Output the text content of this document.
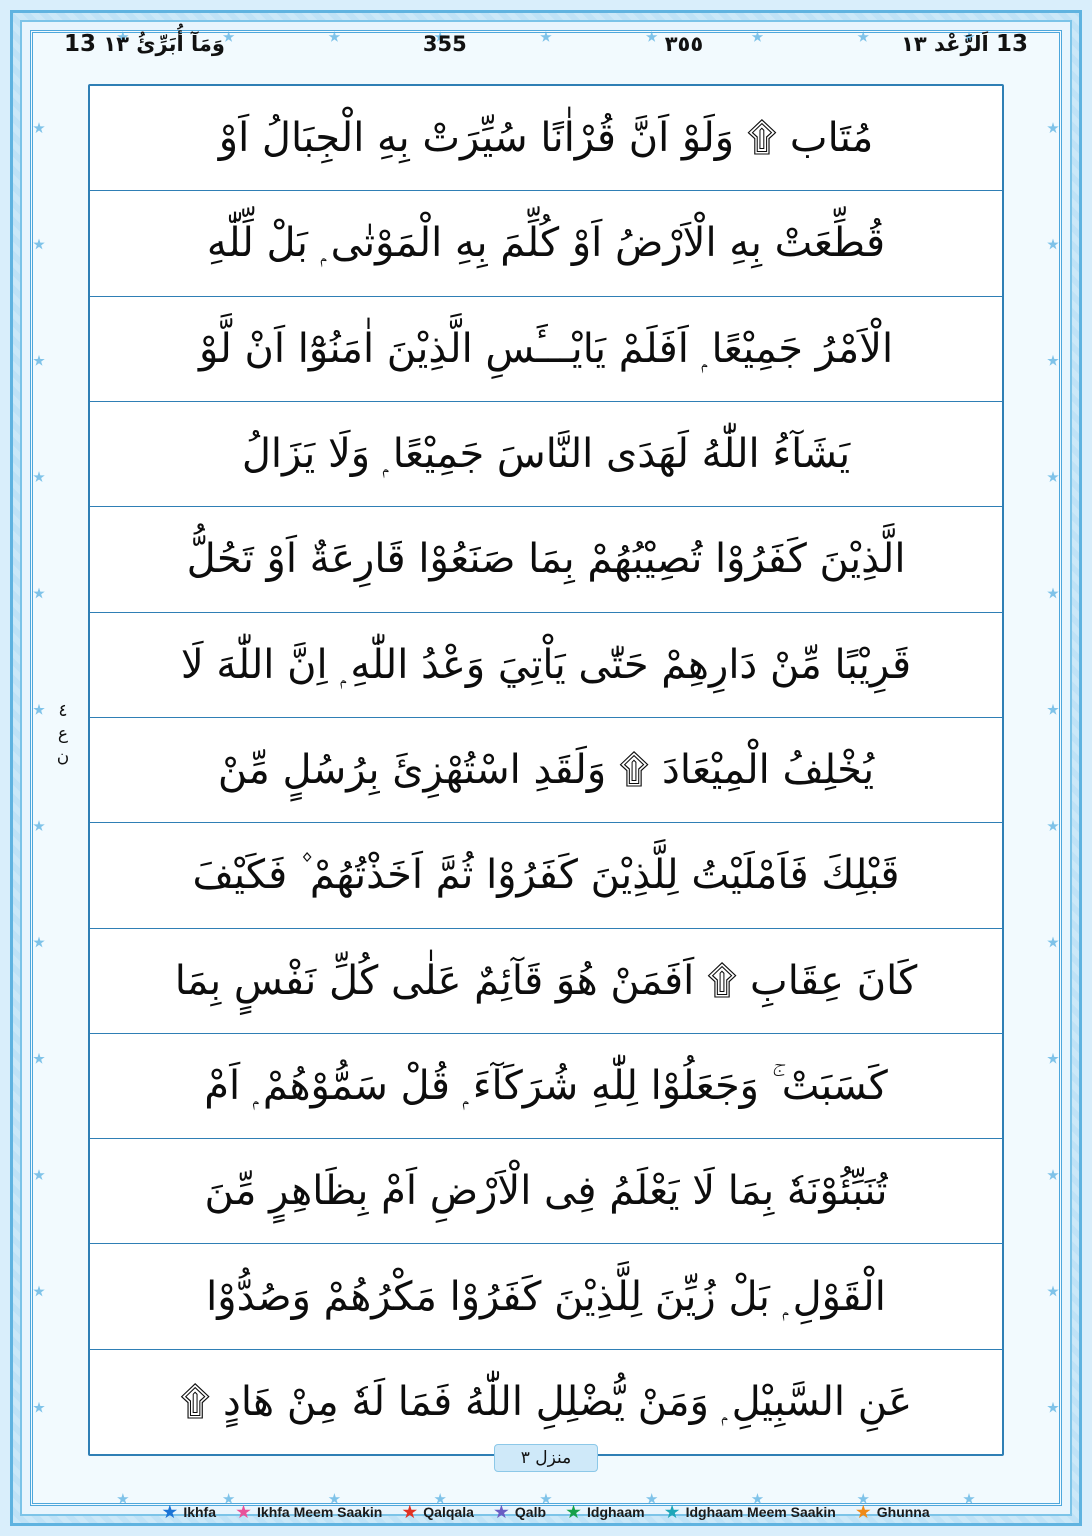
13 اَلرَّعْد ١٣
٣٥٥
355
وَمَآ أُبَرِّئُ ١٣ 13
٤
ع
ن
مُتَاب ۩ وَلَوْ اَنَّ قُرْاٰنًا سُيِّرَتْ بِهِ الْجِبَالُ اَوْ
قُطِّعَتْ بِهِ الْاَرْضُ اَوْ كُلِّمَ بِهِ الْمَوْتٰى ۭ بَلْ لِّلّٰهِ
الْاَمْرُ جَمِيْعًا ۭ اَفَلَمْ يَايْـــَٔسِ الَّذِيْنَ اٰمَنُوْٓا اَنْ لَّوْ
يَشَآءُ اللّٰهُ لَهَدَى النَّاسَ جَمِيْعًا ۭ وَلَا يَزَالُ
الَّذِيْنَ كَفَرُوْا تُصِيْبُهُمْ بِمَا صَنَعُوْا قَارِعَةٌ اَوْ تَحُلُّ
قَرِيْبًا مِّنْ دَارِهِمْ حَتّٰى يَاْتِيَ وَعْدُ اللّٰهِ ۭ اِنَّ اللّٰهَ لَا
يُخْلِفُ الْمِيْعَادَ ۩ وَلَقَدِ اسْتُهْزِئَ بِرُسُلٍ مِّنْ
قَبْلِكَ فَاَمْلَيْتُ لِلَّذِيْنَ كَفَرُوْا ثُمَّ اَخَذْتُهُمْ ۫ فَكَيْفَ
كَانَ عِقَابِ ۩ اَفَمَنْ هُوَ قَآئِمٌ عَلٰى كُلِّ نَفْسٍ بِمَا
كَسَبَتْ ۚ وَجَعَلُوْا لِلّٰهِ شُرَكَآءَ ۭ قُلْ سَمُّوْهُمْ ۭ اَمْ
تُنَبِّئُوْنَهٗ بِمَا لَا يَعْلَمُ فِى الْاَرْضِ اَمْ بِظَاهِرٍ مِّنَ
الْقَوْلِ ۭ بَلْ زُيِّنَ لِلَّذِيْنَ كَفَرُوْا مَكْرُهُمْ وَصُدُّوْا
عَنِ السَّبِيْلِ ۭ وَمَنْ يُّضْلِلِ اللّٰهُ فَمَا لَهٗ مِنْ هَادٍ ۩
منزل ٣
Ikhfa	Ikhfa Meem Saakin	Qalqala	Qalb	Idghaam	Idghaam Meem Saakin	Ghunna
